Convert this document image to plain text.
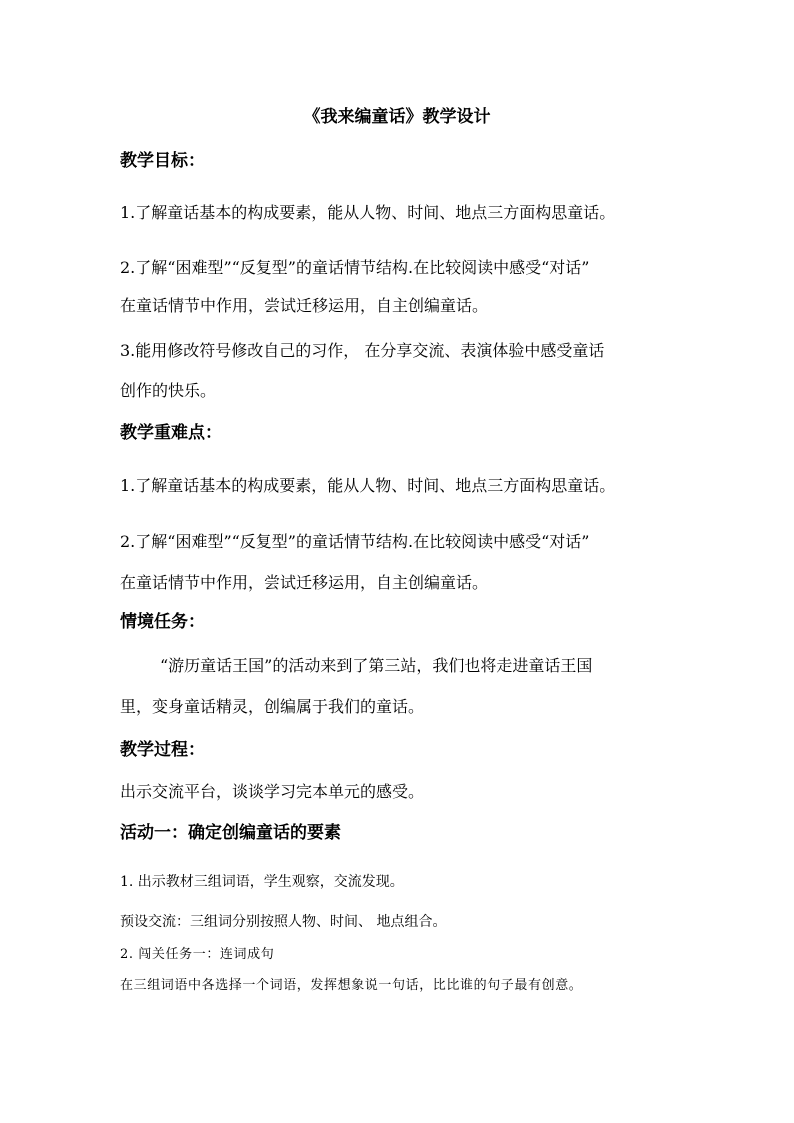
《我来编童话》教学设计
教学目标：
1.了解童话基本的构成要素，能从人物、时间、地点三方面构思童话。
2.了解“困难型”“反复型”的童话情节结构.在比较阅读中感受“对话”
在童话情节中作用，尝试迁移运用，自主创编童话。
3.能用修改符号修改自己的习作， 在分享交流、表演体验中感受童话
创作的快乐。
教学重难点：
1.了解童话基本的构成要素，能从人物、时间、地点三方面构思童话。
2.了解“困难型”“反复型”的童话情节结构.在比较阅读中感受“对话”
在童话情节中作用，尝试迁移运用，自主创编童话。
情境任务：
“游历童话王国”的活动来到了第三站，我们也将走进童话王国
里，变身童话精灵，创编属于我们的童话。
教学过程：
出示交流平台，谈谈学习完本单元的感受。
活动一：确定创编童话的要素
1. 出示教材三组词语，学生观察，交流发现。
预设交流：三组词分别按照人物、时间、 地点组合。
2. 闯关任务一：连词成句
在三组词语中各选择一个词语，发挥想象说一句话，比比谁的句子最有创意。
